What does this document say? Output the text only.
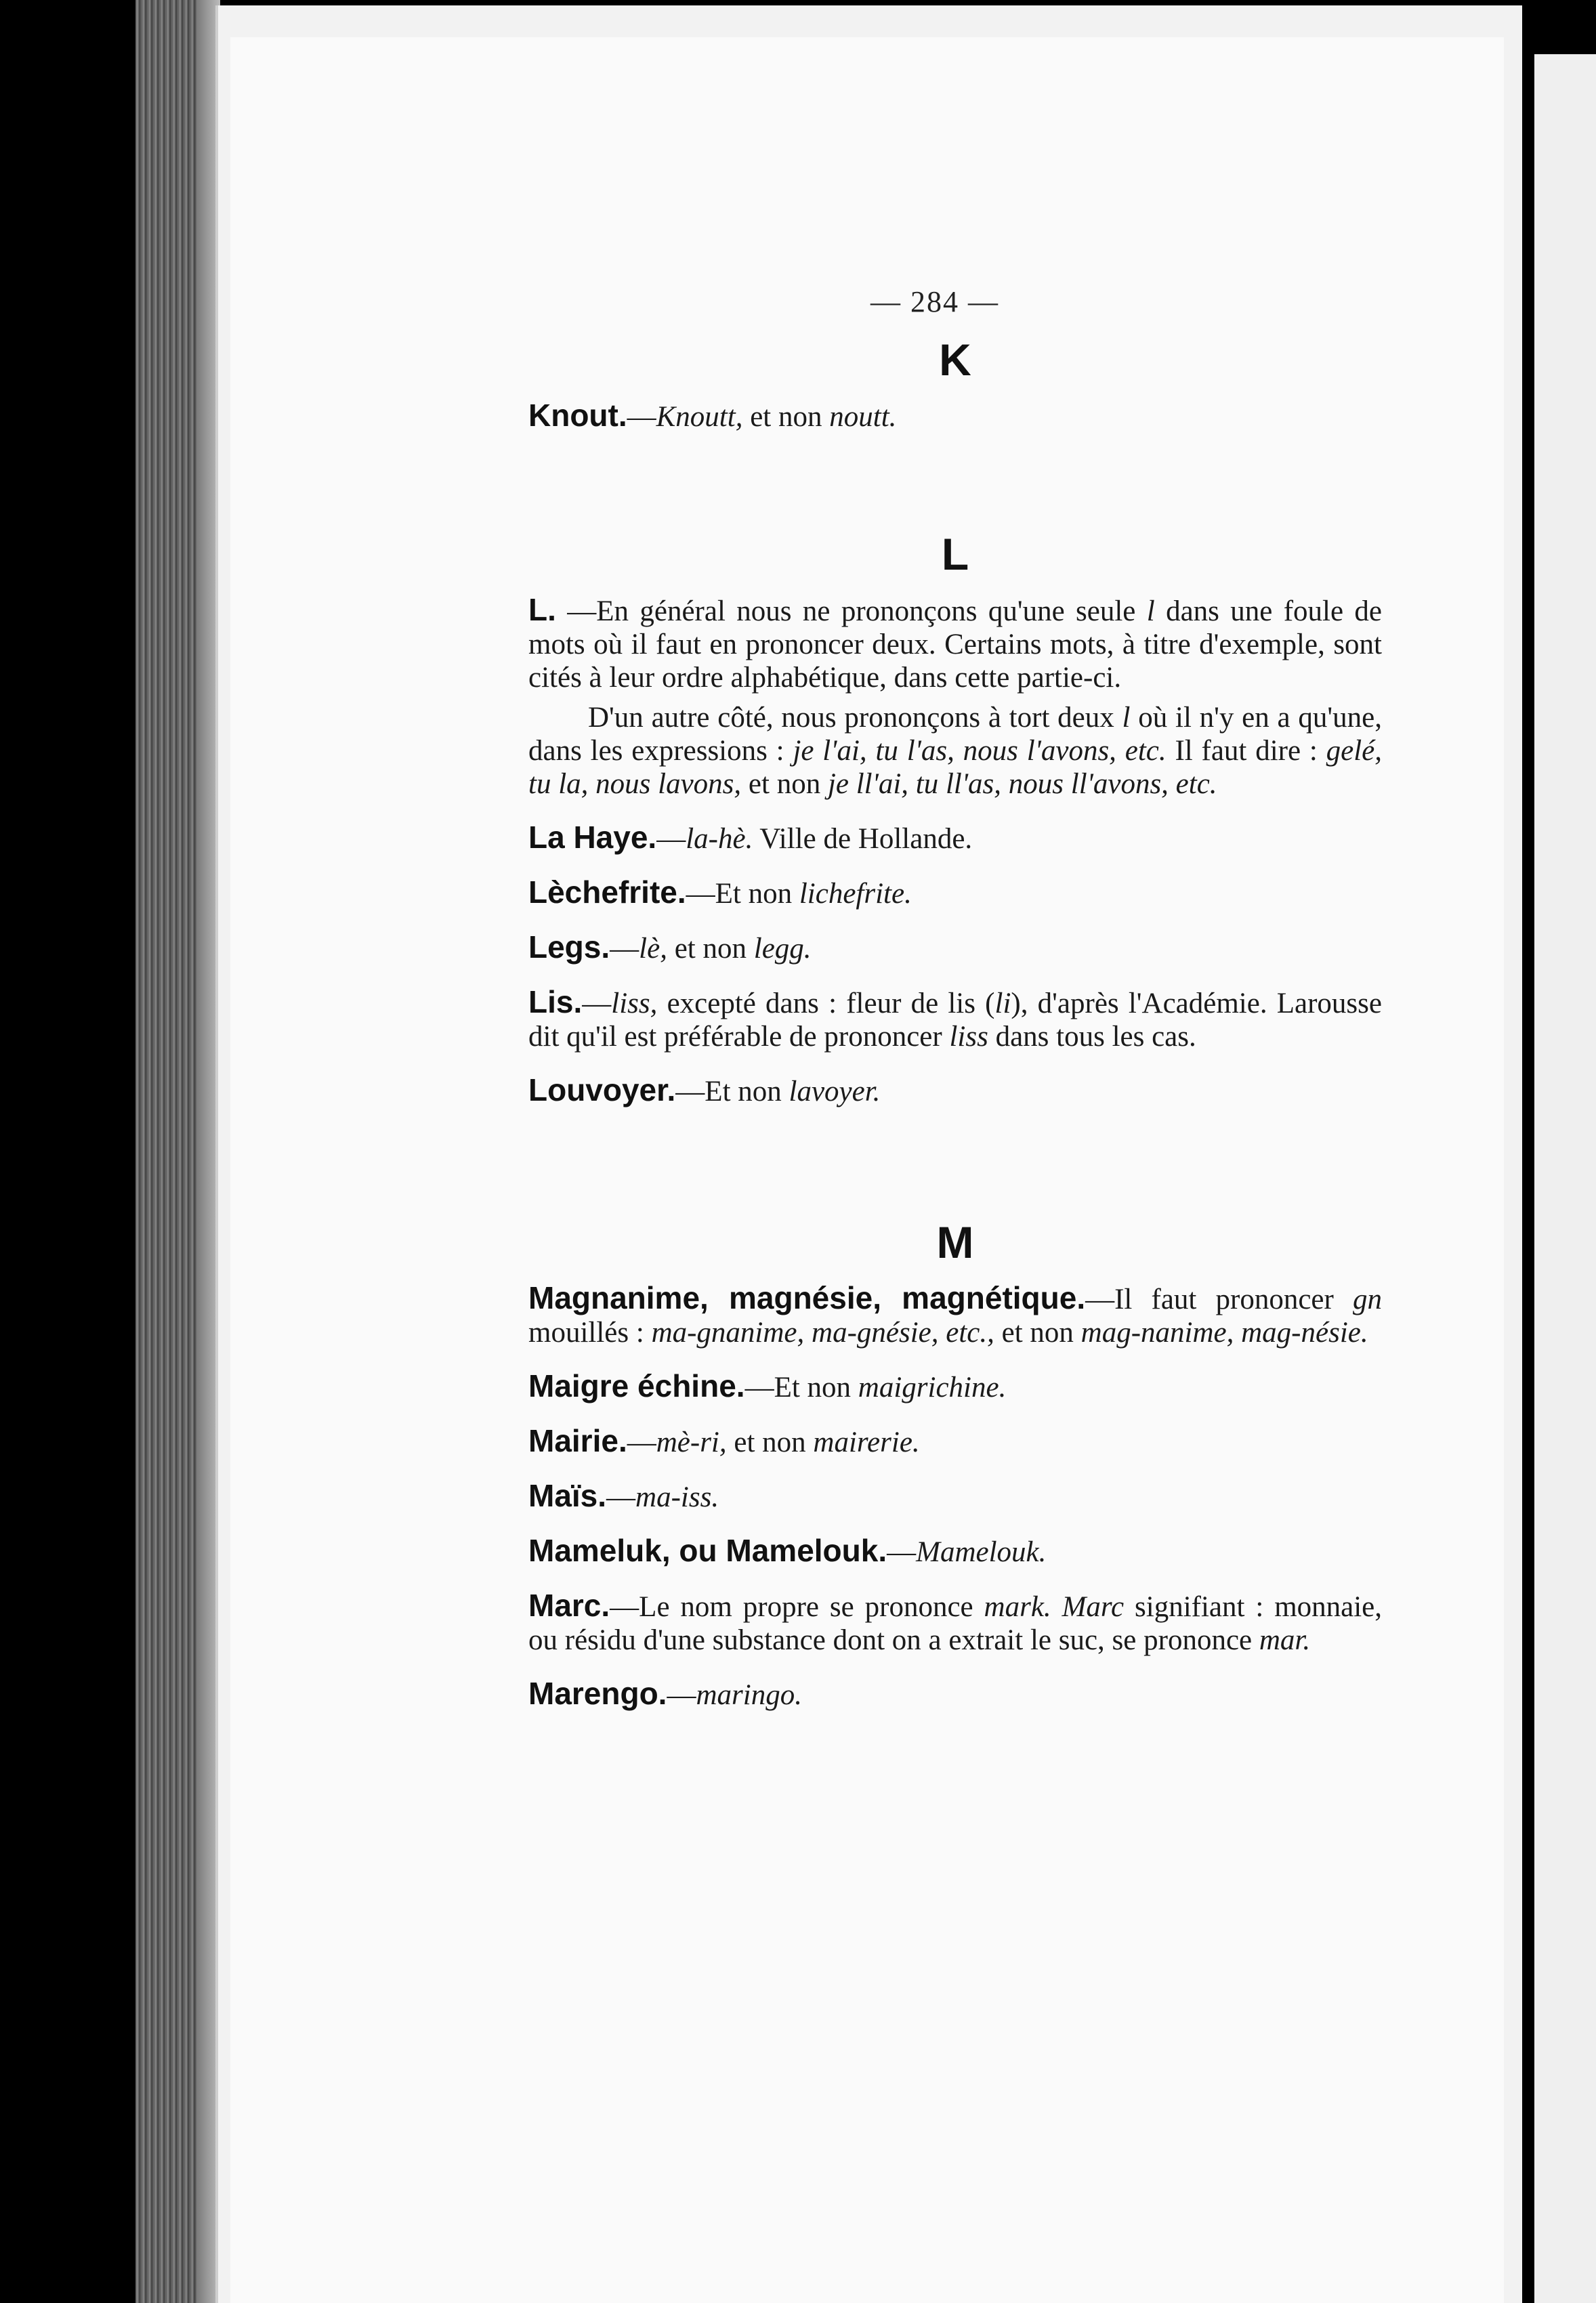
— 284 —
K

Knout.—Knoutt, et non noutt.

L

L. —En général nous ne prononçons qu'une seule l dans une foule de mots où il faut en prononcer deux. Certains mots, à titre d'exemple, sont cités à leur ordre alphabétique, dans cette partie-ci.

D'un autre côté, nous prononçons à tort deux l où il n'y en a qu'une, dans les expressions : je l'ai, tu l'as, nous l'avons, etc. Il faut dire : gelé, tu la, nous lavons, et non je ll'ai, tu ll'as, nous ll'avons, etc.

La Haye.—la-hè. Ville de Hollande.

Lèchefrite.—Et non lichefrite.

Legs.—lè, et non legg.

Lis.—liss, excepté dans : fleur de lis (li), d'après l'Académie. Larousse dit qu'il est préférable de prononcer liss dans tous les cas.

Louvoyer.—Et non lavoyer.

M

Magnanime, magnésie, magnétique.—Il faut prononcer gn mouillés : ma-gnanime, ma-gnésie, etc., et non mag-nanime, mag-nésie.

Maigre échine.—Et non maigrichine.

Mairie.—mè-ri, et non mairerie.

Maïs.—ma-iss.

Mameluk, ou Mamelouk.—Mamelouk.

Marc.—Le nom propre se prononce mark. Marc signifiant : monnaie, ou résidu d'une substance dont on a extrait le suc, se prononce mar.

Marengo.—maringo.
